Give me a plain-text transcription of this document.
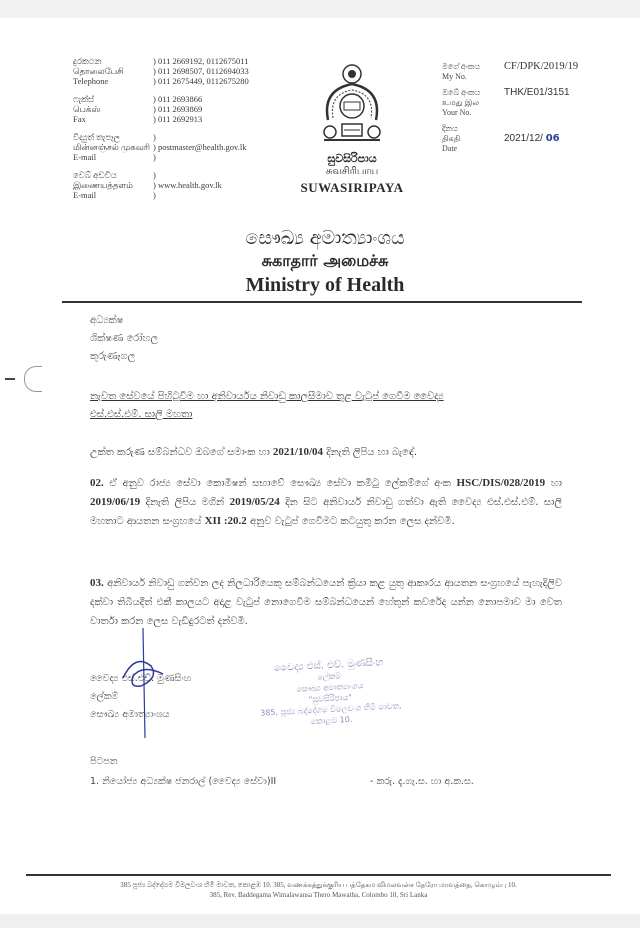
දුරකථන
தொலைபேசி
Telephone
) 011 2669192, 0112675011
) 011 2698507, 0112694033
) 011 2675449, 0112675280
ෆැක්ස්
பெக்ஸ்
Fax
) 011 2693866
) 011 2693869
) 011 2692913
විද්‍යුත් තැපෑල
மின்னஞ்சல் முகவரி
E-mail
)
) postmaster@health.gov.lk
)
වෙබ් අඩවිය
இணையத்தளம்
E-mail
)
) www.health.gov.lk
)
සුවසිරිපාය
சுவசிரிபாய
SUWASIRIPAYA
මගේ අංකය
My No.
CF/DPK/2019/19
ඔබේ අංකය
உமது இல
Your No.
THK/E01/3151
දිනය
திகதி
Date
2021/12/ 06
සෞඛ්‍ය අමාත්‍යාංශය
சுகாதார் அமைச்சு
Ministry of Health
අධ්‍යක්ෂ
ශික්ෂණ රෝහල
කුරුණෑගල
නැවත සේවයේ පිහිටුවීම හා අනිවාර්යය නිවාඩු කාලසීමාව තුළ වැටුප් ගෙවීම වෛද්‍ය එස්.එස්.එම්. සාලි මහතා
උක්ත කරුණ සම්බන්ධව ඔබගේ සමාංක හා 2021/10/04 දිනැති ලිපිය හා බැඳේ.
02. ඒ අනුව රාජ්‍ය සේවා කොමිෂන් සභාවේ සෞඛ්‍ය සේවා කමිටු ලේකම්ගේ අංක HSC/DIS/028/2019 හා 2019/06/19 දිනැති ලිපිය මගින් 2019/05/24 දින සිට අනිවාර්ය නිවාඩු ගත්වා ඇති වෛද්‍ය එස්.එස්.එම්. සාලි මහතාට ආයතන සංග්‍රහයේ XII :20.2 අනුව වැටුප් ගෙවීමට කටයුතු කරන ලෙස දන්වමි.
03. අනිවාර්ය නිවාඩු ගන්වන ලද නිලධාරියෙකු සම්බන්ධයෙන් ක්‍රියා කළ යුතු ආකාරය ආයතන සංග්‍රහයේ පැහැදිලිව දක්වා තිබියදීත් එකී කාලයට අදාළ වැටුප් නොගෙවීම සම්බන්ධයෙන් හේතුන් කවරේද යන්න නොපමාව මා වෙත වාර්තා කරන ලෙස වැඩිදුරටත් දන්වමි.
වෛද්‍ය එස්.එච්. මුණසිංහ
ලේකම්
සෞඛ්‍ය අමාත්‍යාංශය
වෛද්‍ය එස්. එච්. මුණසිංහ
ලේකම්
සෞඛ්‍ය අමාත්‍යාංශය
"සුවසිරිපාය"
385, පූජ්‍ය බද්දේගම විමලවංශ හිමි මාවත,
කොළඹ 10.
පිටපත
1. නියෝජ්‍ය අධ්‍යක්ෂ ජනරාල් (වෛද්‍ය සේවා)II	- කරු. දැ.ගැ.ස. හා අ.ක.ස.
385 පූජ්‍ය බද්දේගම විමලවංශ හිමි මාවත, කොළඹ 10. 385, வணக்கத்துக்குரிய பத்தேகம விமலவன்ச தேரோ மாவத்தை, கொழும்பு 10.
385, Rev. Baddegama Wimalawansa Thero Mawatha, Colombo 10, Sri Lanka
